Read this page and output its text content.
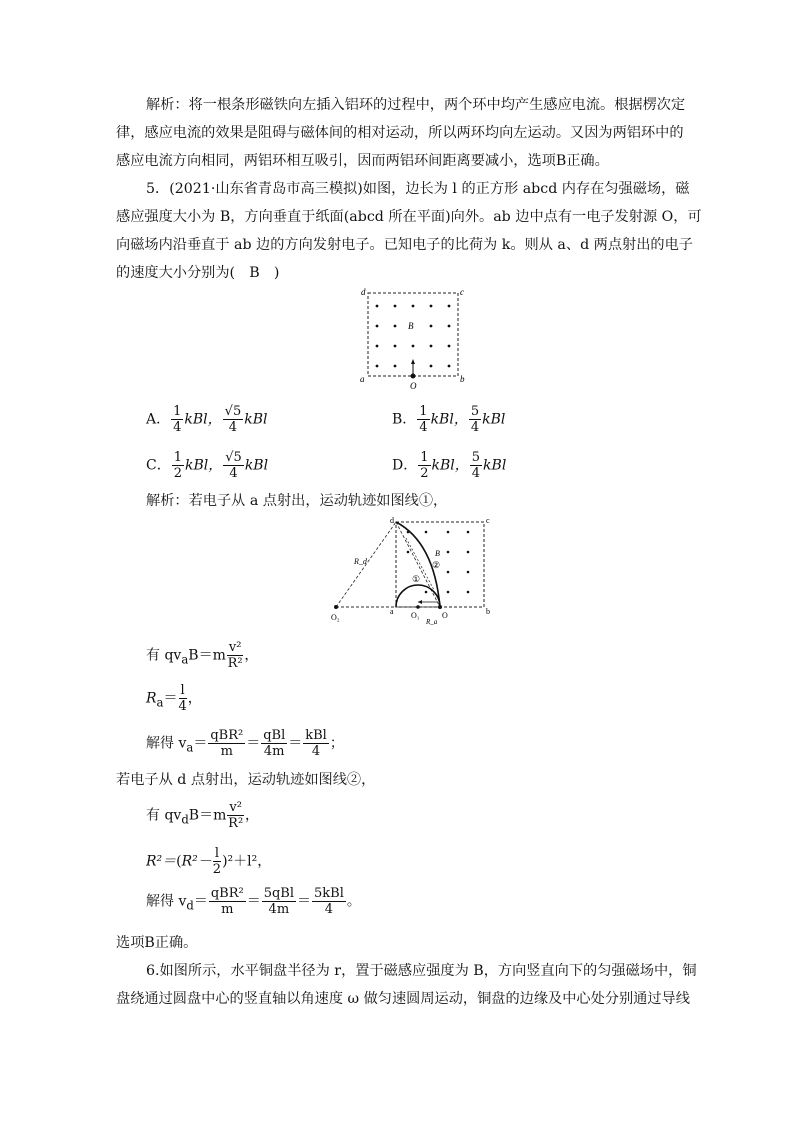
解析：将一根条形磁铁向左插入铝环的过程中，两个环中均产生感应电流。根据楞次定
律，感应电流的效果是阻碍与磁体间的相对运动，所以两环均向左运动。又因为两铝环中的
感应电流方向相同，两铝环相互吸引，因而两铝环间距离要减小，选项B正确。
5．(2021·山东省青岛市高三模拟)如图，边长为 l 的正方形 abcd 内存在匀强磁场，磁
感应强度大小为 B，方向垂直于纸面(abcd 所在平面)向外。ab 边中点有一电子发射源 O，可
向磁场内沿垂直于 ab 边的方向发射电子。已知电子的比荷为 k。则从 a、d 两点射出的电子
的速度大小分别为(　B　)
d	c
a	b
B
O
A． $\frac{1}{4}$ kBl， $\frac{√5}{4}$ kBl	B． $\frac{1}{4}$ kBl， $\frac{5}{4}$ kBl
C． $\frac{1}{2}$ kBl， $\frac{√5}{4}$ kBl	D． $\frac{1}{2}$ kBl， $\frac{5}{4}$ kBl
解析：若电子从 a 点射出，运动轨迹如图线①，
d	c
a	b
O
O₁
O₂
B
②
①
R_d
R_a
有 $qv_aB=m \frac{\text{v²}}{\text{R²}}$ ，
$R_a= \frac{l}{4}$ ，
解得 $v_a= \frac{\text{qBR²}}{m} = \frac{\text{qBl}}{4m} = \frac{\text{kBl}}{4}$ ；
若电子从 d 点射出，运动轨迹如图线②，
有 $qv_dB=m \frac{\text{v²}}{\text{R²}}$ ，
$R^2=(R^2- \frac{l}{2} )^2+l^2$，
解得 $v_d= \frac{\text{qBR²}}{m} = \frac{\text{5qBl}}{4m} = \frac{\text{5kBl}}{4}$ 。
选项B正确。
6.如图所示，水平铜盘半径为 r，置于磁感应强度为 B，方向竖直向下的匀强磁场中，铜
盘绕通过圆盘中心的竖直轴以角速度 ω 做匀速圆周运动，铜盘的边缘及中心处分别通过导线
